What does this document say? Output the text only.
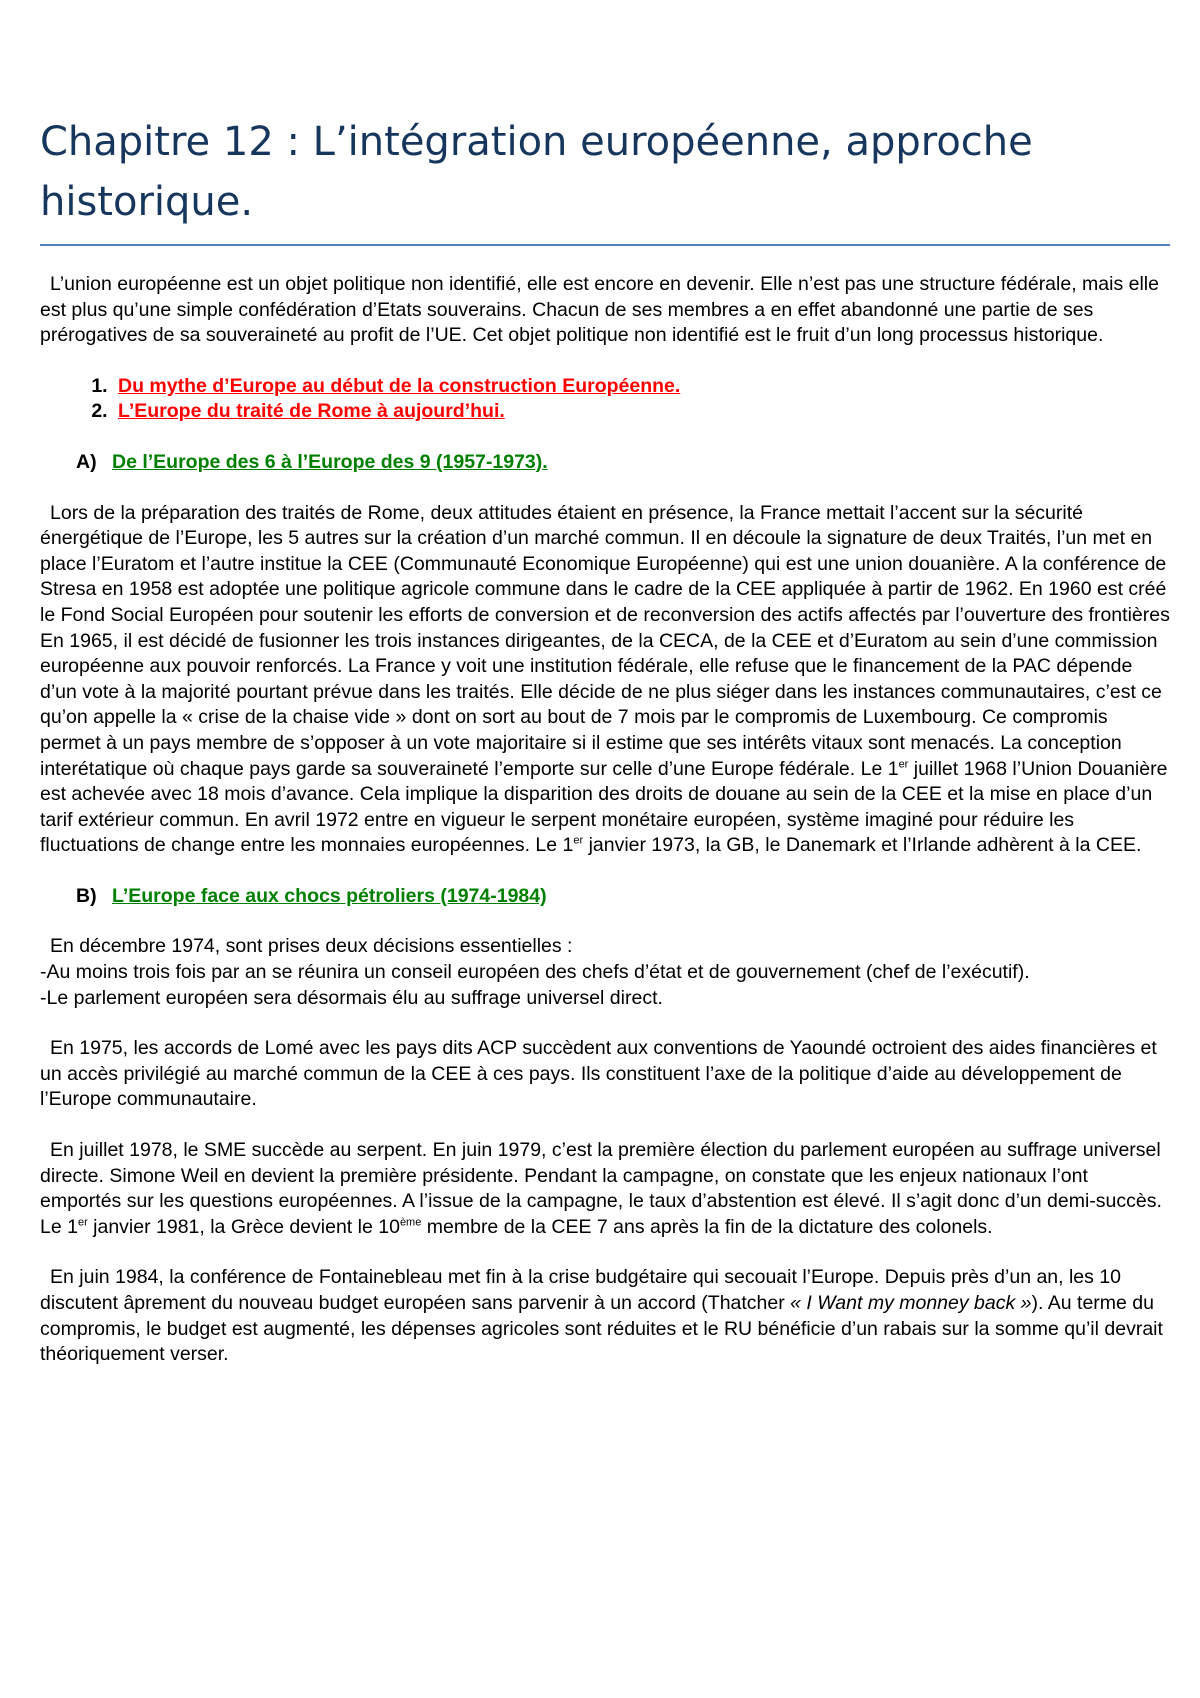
Chapitre 12 : L’intégration européenne, approche historique.

L’union européenne est un objet politique non identifié, elle est encore en devenir. Elle n’est pas une structure fédérale, mais elle est plus qu’une simple confédération d’Etats souverains. Chacun de ses membres a en effet abandonné une partie de ses prérogatives de sa souveraineté au profit de l’UE. Cet objet politique non identifié est le fruit d’un long processus historique.

1. Du mythe d’Europe au début de la construction Européenne.
2. L’Europe du traité de Rome à aujourd’hui.
A) De l’Europe des 6 à l’Europe des 9 (1957-1973).

Lors de la préparation des traités de Rome, deux attitudes étaient en présence, la France mettait l’accent sur la sécurité énergétique de l’Europe, les 5 autres sur la création d’un marché commun. Il en découle la signature de deux Traités, l’un met en place l’Euratom et l’autre institue la CEE (Communauté Economique Européenne) qui est une union douanière. A la conférence de Stresa en 1958 est adoptée une politique agricole commune dans le cadre de la CEE appliquée à partir de 1962. En 1960 est créé le Fond Social Européen pour soutenir les efforts de conversion et de reconversion des actifs affectés par l’ouverture des frontières En 1965, il est décidé de fusionner les trois instances dirigeantes, de la CECA, de la CEE et d’Euratom au sein d’une commission européenne aux pouvoir renforcés. La France y voit une institution fédérale, elle refuse que le financement de la PAC dépende d’un vote à la majorité pourtant prévue dans les traités. Elle décide de ne plus siéger dans les instances communautaires, c’est ce qu’on appelle la « crise de la chaise vide » dont on sort au bout de 7 mois par le compromis de Luxembourg. Ce compromis permet à un pays membre de s’opposer à un vote majoritaire si il estime que ses intérêts vitaux sont menacés. La conception interétatique où chaque pays garde sa souveraineté l’emporte sur celle d’une Europe fédérale. Le 1er juillet 1968 l’Union Douanière est achevée avec 18 mois d’avance. Cela implique la disparition des droits de douane au sein de la CEE et la mise en place d’un tarif extérieur commun. En avril 1972 entre en vigueur le serpent monétaire européen, système imaginé pour réduire les fluctuations de change entre les monnaies européennes. Le 1er janvier 1973, la GB, le Danemark et l’Irlande adhèrent à la CEE.

B) L’Europe face aux chocs pétroliers (1974-1984)

En décembre 1974, sont prises deux décisions essentielles :

-Au moins trois fois par an se réunira un conseil européen des chefs d’état et de gouvernement (chef de l’exécutif).

-Le parlement européen sera désormais élu au suffrage universel direct.

En 1975, les accords de Lomé avec les pays dits ACP succèdent aux conventions de Yaoundé octroient des aides financières et un accès privilégié au marché commun de la CEE à ces pays. Ils constituent l’axe de la politique d’aide au développement de l’Europe communautaire.

En juillet 1978, le SME succède au serpent. En juin 1979, c’est la première élection du parlement européen au suffrage universel directe. Simone Weil en devient la première présidente. Pendant la campagne, on constate que les enjeux nationaux l’ont emportés sur les questions européennes. A l’issue de la campagne, le taux d’abstention est élevé. Il s’agit donc d’un demi-succès. Le 1er janvier 1981, la Grèce devient le 10ème membre de la CEE 7 ans après la fin de la dictature des colonels.

En juin 1984, la conférence de Fontainebleau met fin à la crise budgétaire qui secouait l’Europe. Depuis près d’un an, les 10 discutent âprement du nouveau budget européen sans parvenir à un accord (Thatcher « I Want my monney back »). Au terme du compromis, le budget est augmenté, les dépenses agricoles sont réduites et le RU bénéficie d’un rabais sur la somme qu’il devrait théoriquement verser.
